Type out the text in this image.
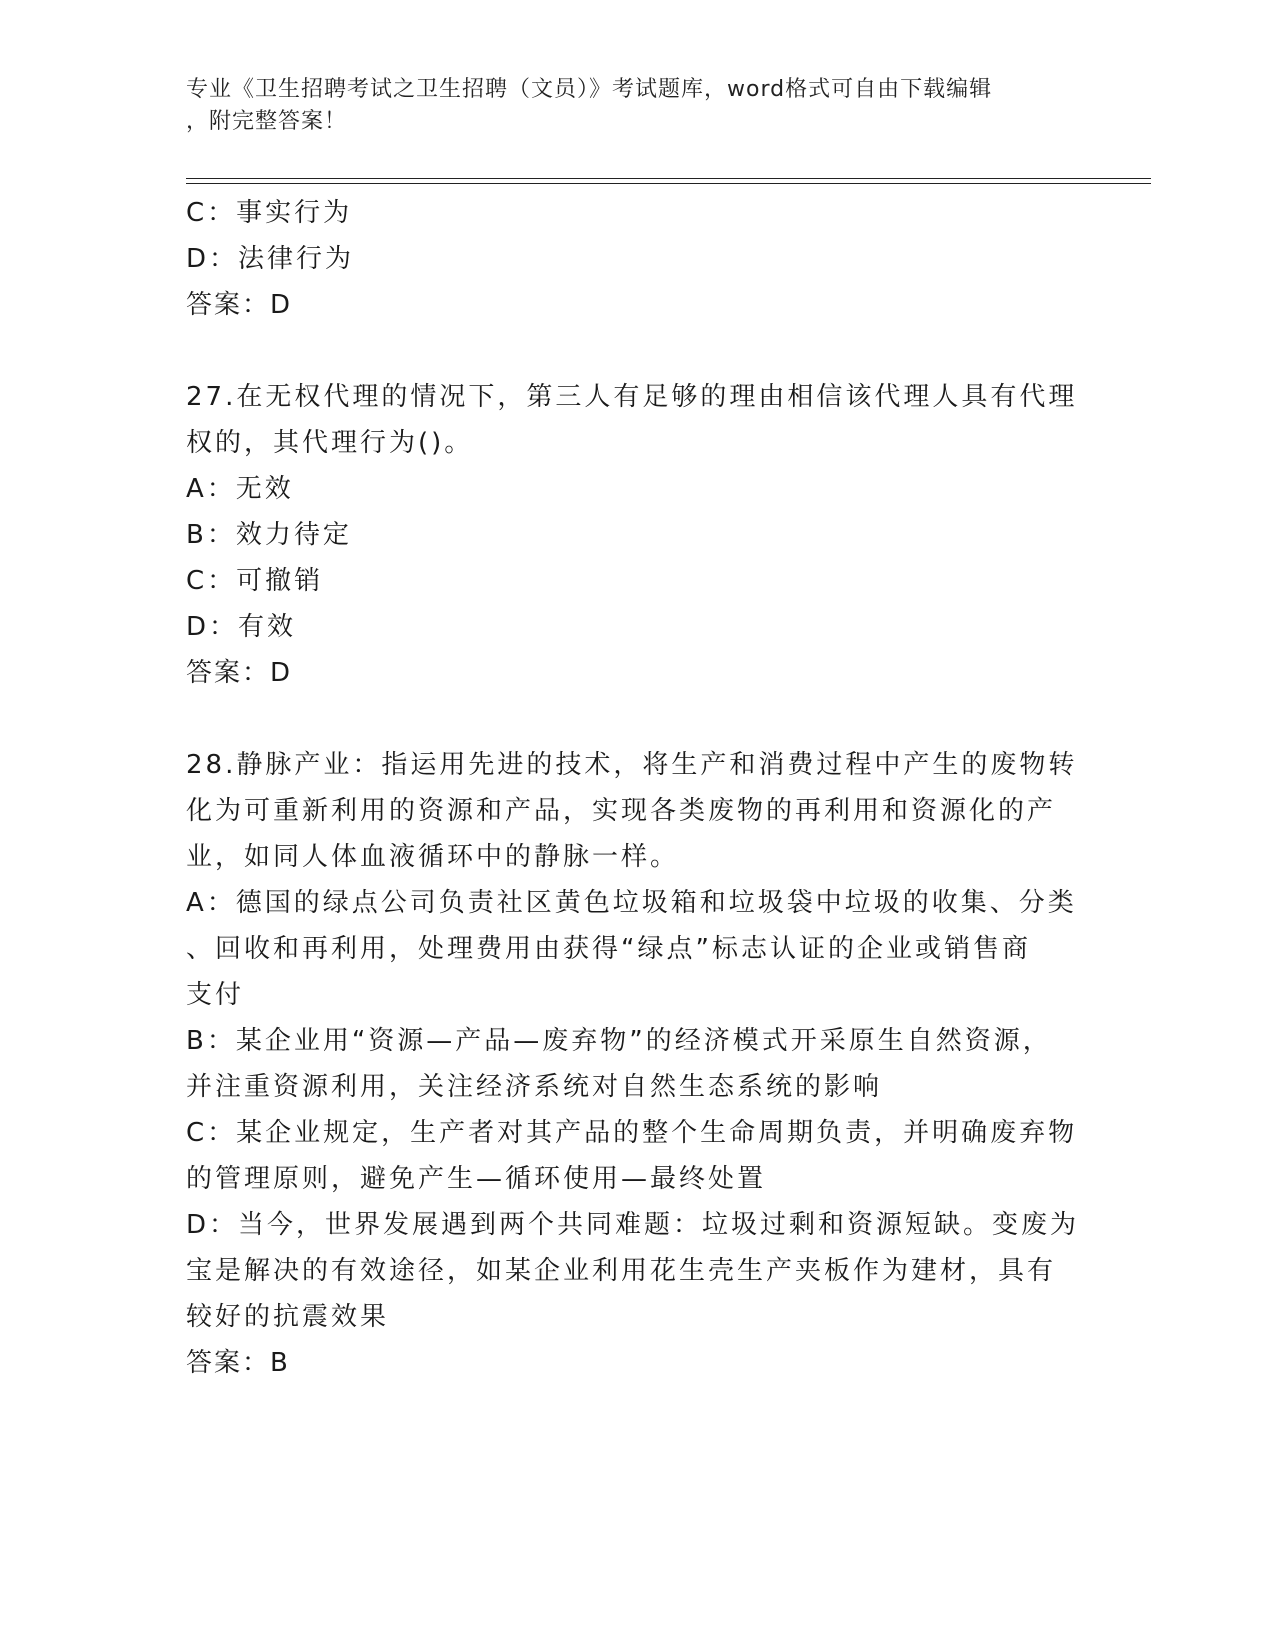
专业《卫生招聘考试之卫生招聘（文员）》考试题库，word格式可自由下载编辑
，附完整答案！
C：事实行为
D：法律行为
答案：D
27.在无权代理的情况下，第三人有足够的理由相信该代理人具有代理
权的，其代理行为()。
A：无效
B：效力待定
C：可撤销
D：有效
答案：D
28.静脉产业：指运用先进的技术，将生产和消费过程中产生的废物转
化为可重新利用的资源和产品，实现各类废物的再利用和资源化的产
业，如同人体血液循环中的静脉一样。
A：德国的绿点公司负责社区黄色垃圾箱和垃圾袋中垃圾的收集、分类
、回收和再利用，处理费用由获得“绿点”标志认证的企业或销售商
支付
B：某企业用“资源—产品—废弃物”的经济模式开采原生自然资源，
并注重资源利用，关注经济系统对自然生态系统的影响
C：某企业规定，生产者对其产品的整个生命周期负责，并明确废弃物
的管理原则，避免产生—循环使用—最终处置
D：当今，世界发展遇到两个共同难题：垃圾过剩和资源短缺。变废为
宝是解决的有效途径，如某企业利用花生壳生产夹板作为建材，具有
较好的抗震效果
答案：B
